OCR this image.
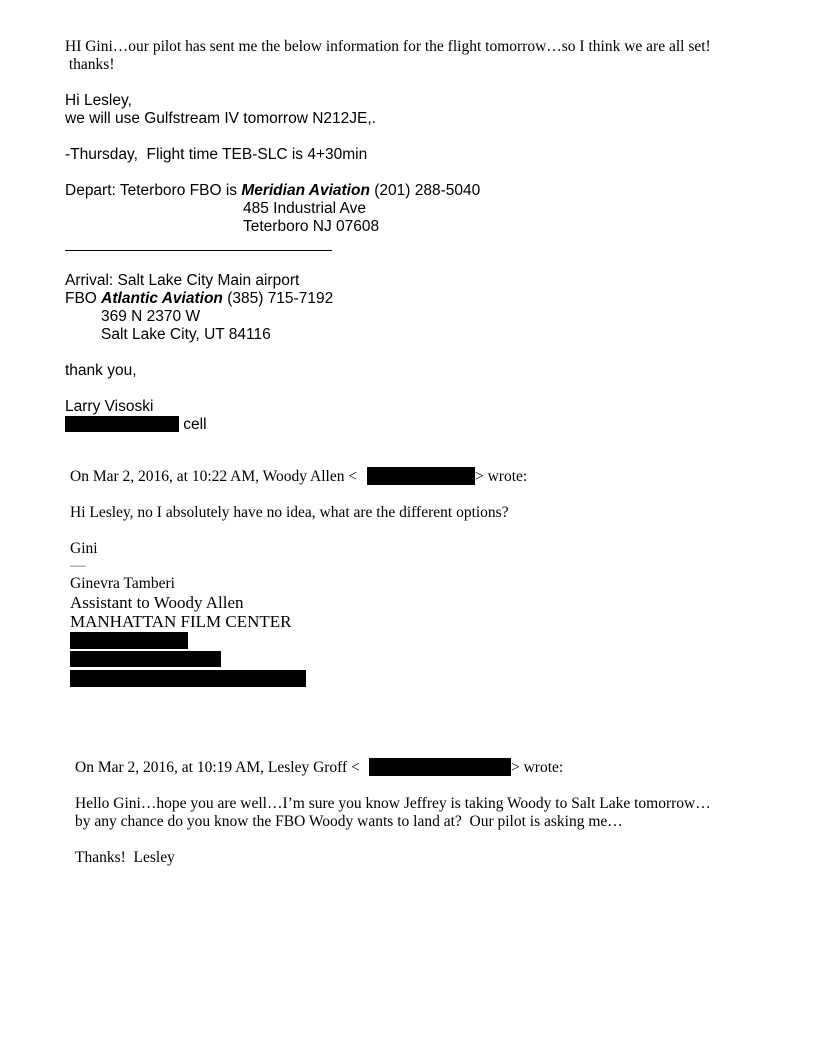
HI Gini…our pilot has sent me the below information for the flight tomorrow…so I think we are all set!
thanks!
Hi Lesley,
we will use Gulfstream IV tomorrow N212JE,.
-Thursday,  Flight time TEB-SLC is 4+30min
Depart: Teterboro FBO is Meridian Aviation (201) 288-5040
485 Industrial Ave
Teterboro NJ 07608
Arrival: Salt Lake City Main airport
FBO Atlantic Aviation (385) 715-7192
369 N 2370 W
Salt Lake City, UT 84116
thank you,
Larry Visoski
cell
On Mar 2, 2016, at 10:22 AM, Woody Allen <	> wrote:
Hi Lesley, no I absolutely have no idea, what are the different options?
Gini
—
Ginevra Tamberi
Assistant to Woody Allen
MANHATTAN FILM CENTER
On Mar 2, 2016, at 10:19 AM, Lesley Groff <	> wrote:
Hello Gini…hope you are well…I’m sure you know Jeffrey is taking Woody to Salt Lake tomorrow…
by any chance do you know the FBO Woody wants to land at?  Our pilot is asking me…
Thanks!  Lesley
